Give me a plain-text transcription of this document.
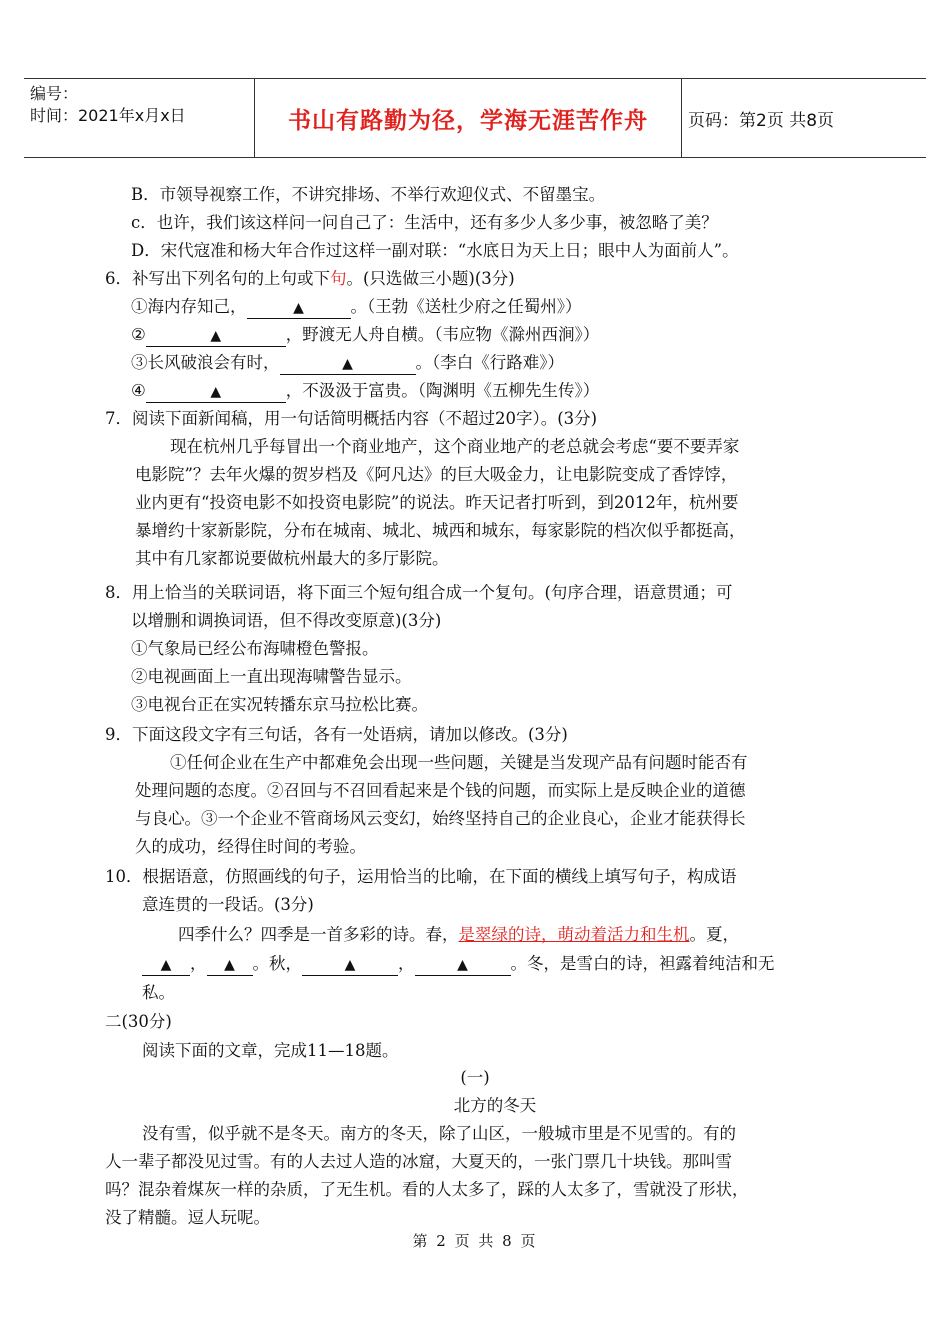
编号：
时间：2021年x月x日	书山有路勤为径，学海无涯苦作舟	页码：第2页 共8页
B．市领导视察工作，不讲究排场、不举行欢迎仪式、不留墨宝。
c．也许，我们该这样问一问自己了：生活中，还有多少人多少事，被忽略了美？
D．宋代寇准和杨大年合作过这样一副对联：“水底日为天上日；眼中人为面前人”。
6．补写出下列名句的上句或下句。(只选做三小题)(3分)
①海内存知己，	▲	。（王勃《送杜少府之任蜀州》）
②	▲	，野渡无人舟自横。（韦应物《滁州西涧》）
③长风破浪会有时，	▲	。（李白《行路难》）
④	▲	，不汲汲于富贵。（陶渊明《五柳先生传》）
7．阅读下面新闻稿，用一句话简明概括内容（不超过20字）。(3分)
现在杭州几乎每冒出一个商业地产，这个商业地产的老总就会考虑“要不要弄家
电影院”？去年火爆的贺岁档及《阿凡达》的巨大吸金力，让电影院变成了香饽饽，
业内更有“投资电影不如投资电影院”的说法。昨天记者打听到，到2012年，杭州要
暴增约十家新影院，分布在城南、城北、城西和城东，每家影院的档次似乎都挺高，
其中有几家都说要做杭州最大的多厅影院。
8．用上恰当的关联词语，将下面三个短句组合成一个复句。(句序合理，语意贯通；可
以增删和调换词语，但不得改变原意)(3分)
①气象局已经公布海啸橙色警报。
②电视画面上一直出现海啸警告显示。
③电视台正在实况转播东京马拉松比赛。
9．下面这段文字有三句话，各有一处语病，请加以修改。(3分)
①任何企业在生产中都难免会出现一些问题，关键是当发现产品有问题时能否有
处理问题的态度。②召回与不召回看起来是个钱的问题，而实际上是反映企业的道德
与良心。③一个企业不管商场风云变幻，始终坚持自己的企业良心，企业才能获得长
久的成功，经得住时间的考验。
10．根据语意，仿照画线的句子，运用恰当的比喻，在下面的横线上填写句子，构成语
意连贯的一段话。(3分)
四季什么？四季是一首多彩的诗。春，是翠绿的诗，萌动着活力和生机。夏，
▲ ， ▲ 。秋，	▲	，	▲	。冬，是雪白的诗，袒露着纯洁和无
私。
二(30分)
阅读下面的文章，完成11—18题。
(一)
北方的冬天
没有雪，似乎就不是冬天。南方的冬天，除了山区，一般城市里是不见雪的。有的
人一辈子都没见过雪。有的人去过人造的冰窟，大夏天的，一张门票几十块钱。那叫雪
吗？混杂着煤灰一样的杂质，了无生机。看的人太多了，踩的人太多了，雪就没了形状，
没了精髓。逗人玩呢。
第 2 页 共 8 页
